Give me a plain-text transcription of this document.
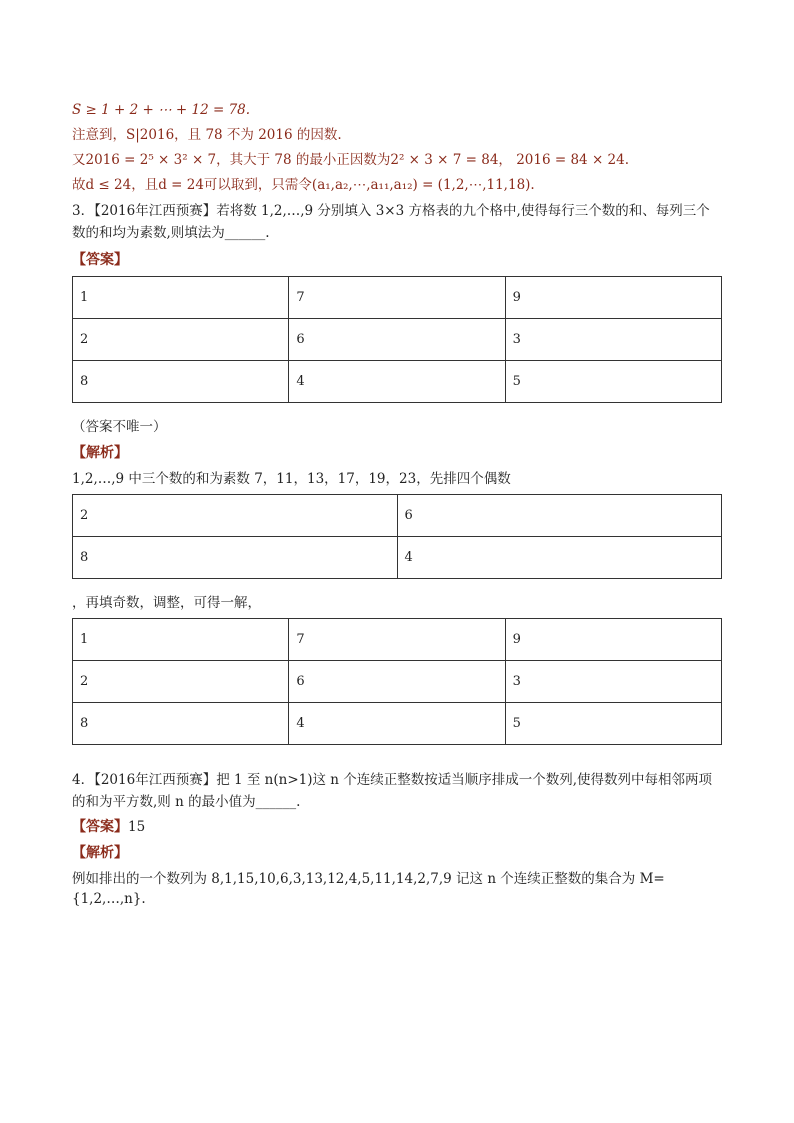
S ≥ 1 + 2 + ⋯ + 12 = 78.

注意到，S|2016，且 78 不为 2016 的因数.

又2016 = 2⁵ × 3² × 7，其大于 78 的最小正因数为2² × 3 × 7 = 84， 2016 = 84 × 24.

故d ≤ 24，且d = 24可以取到，只需令(a₁,a₂,⋯,a₁₁,a₁₂) = (1,2,⋯,11,18).

3．【2016年江西预赛】若将数 1,2,…,9 分别填入 3×3 方格表的九个格中,使得每行三个数的和、每列三个数的和均为素数,则填法为______.

【答案】
1	7	9
2	6	3
8	4	5

（答案不唯一）

【解析】

1,2,…,9 中三个数的和为素数 7，11，13，17，19，23，先排四个偶数

2	6
8	4

，再填奇数，调整，可得一解，

1	7	9
2	6	3
8	4	5

4．【2016年江西预赛】把 1 至 n(n>1)这 n 个连续正整数按适当顺序排成一个数列,使得数列中每相邻两项的和为平方数,则 n 的最小值为______.

【答案】15

【解析】

例如排出的一个数列为 8,1,15,10,6,3,13,12,4,5,11,14,2,7,9 记这 n 个连续正整数的集合为 M={1,2,…,n}.
